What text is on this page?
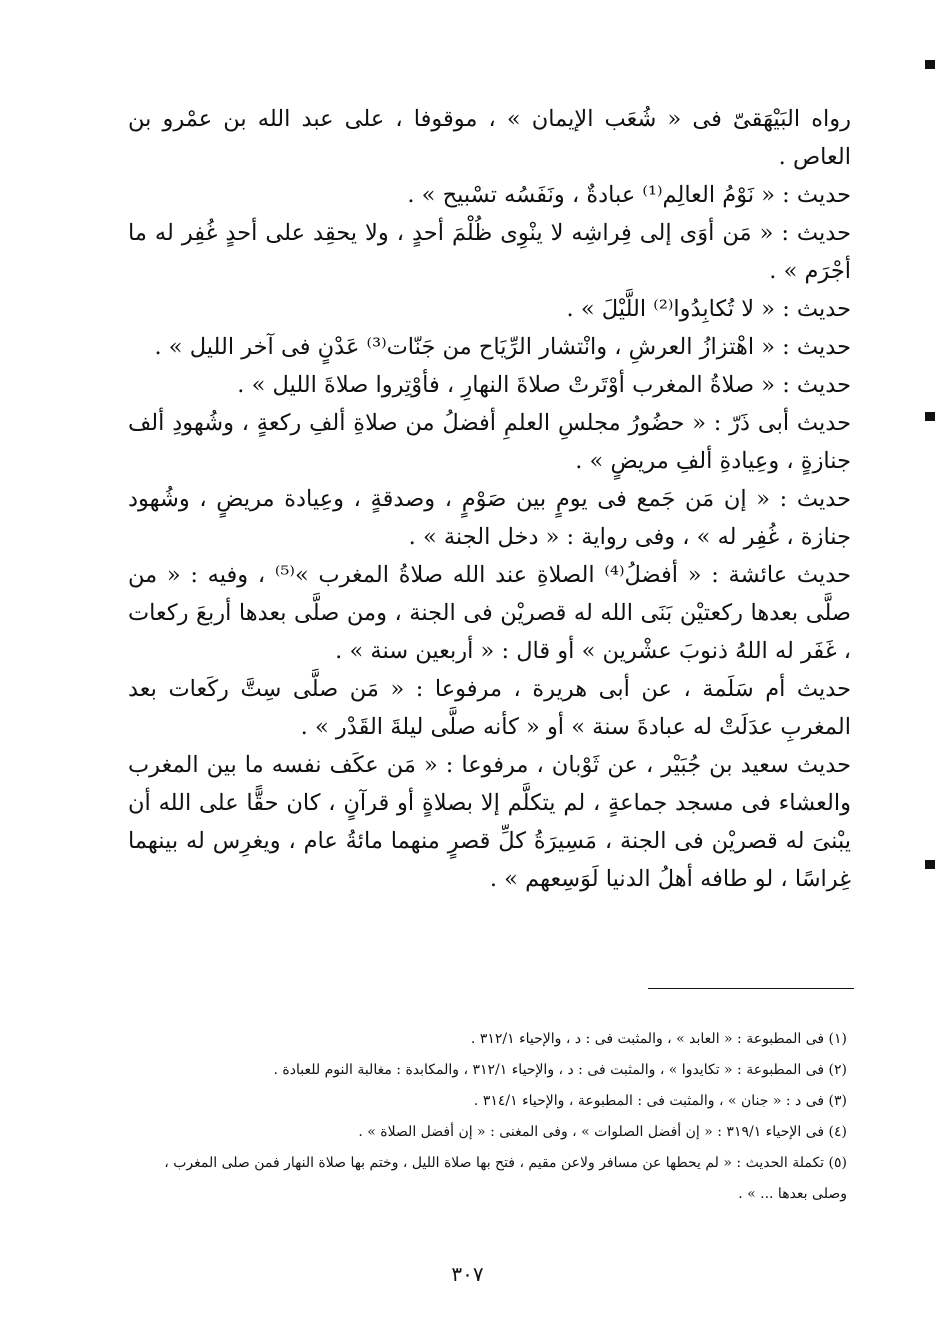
رواه البَيْهَقىّ فى « شُعَب الإيمان » ، موقوفا ، على عبد الله بن عمْرو بن العاص .

حديث : « نَوْمُ العالِم⁽¹⁾ عبادةٌ ، ونَفَسُه تسْبيح » .

حديث : « مَن أوَى إلى فِراشِه لا ينْوِى ظُلْمَ أحدٍ ، ولا يحقِد على أحدٍ غُفِر له ما أجْرَم » .

حديث : « لا تُكابِدُوا⁽²⁾ اللَّيْلَ » .

حديث : « اهْتزازُ العرشِ ، وانْتشار الرِّيَاح من جَنّات⁽³⁾ عَدْنٍ فى آخر الليل » .

حديث : « صلاةُ المغرب أوْتَرتْ صلاةَ النهارِ ، فأوْتِروا صلاةَ الليل » .

حديث أبى ذَرّ : « حضُورُ مجلسِ العلمِ أفضلُ من صلاةِ ألفِ ركعةٍ ، وشُهودِ ألف جنازةٍ ، وعِيادةِ ألفِ مريضٍ » .

حديث : « إن مَن جَمع فى يومٍ بين صَوْمٍ ، وصدقةٍ ، وعِيادة مريضٍ ، وشُهود جنازة ، غُفِر له » ، وفى رواية : « دخل الجنة » .

حديث عائشة : « أفضلُ⁽⁴⁾ الصلاةِ عند الله صلاةُ المغرب »⁽⁵⁾ ، وفيه : « من صلَّى بعدها ركعتيْن بَنَى الله له قصريْن فى الجنة ، ومن صلَّى بعدها أربعَ ركعات ، غَفَر له اللهُ ذنوبَ عشْرين » أو قال : « أربعين سنة » .

حديث أم سَلَمة ، عن أبى هريرة ، مرفوعا : « مَن صلَّى سِتَّ ركَعات بعد المغربِ عدَلَتْ له عبادةَ سنة » أو « كأنه صلَّى ليلةَ القَدْر » .

حديث سعيد بن جُبَيْر ، عن ثَوْبان ، مرفوعا : « مَن عكَف نفسه ما بين المغرب والعشاء فى مسجد جماعةٍ ، لم يتكلَّم إلا بصلاةٍ أو قرآنٍ ، كان حقًّا على الله أن يبْنىَ له قصريْن فى الجنة ، مَسِيرَةُ كلِّ قصرٍ منهما مائةُ عام ، ويغرِس له بينهما غِراسًا ، لو طافه أهلُ الدنيا لَوَسِعهم » .

(١) فى المطبوعة : « العابد » ، والمثبت فى : د ، والإحياء ٣١٢/١ .

(٢) فى المطبوعة : « تكايدوا » ، والمثبت فى : د ، والإحياء ٣١٢/١ ، والمكابدة : مغالبة النوم للعبادة .

(٣) فى د : « جنان » ، والمثبت فى : المطبوعة ، والإحياء ٣١٤/١ .

(٤) فى الإحياء ٣١٩/١ : « إن أفضل الصلوات » ، وفى المغنى : « إن أفضل الصلاة » .

(٥) تكملة الحديث : « لم يحطها عن مسافر ولاعن مقيم ، فتح بها صلاة الليل ، وختم بها صلاة النهار فمن صلى المغرب ، وصلى بعدها ... » .

٣٠٧
